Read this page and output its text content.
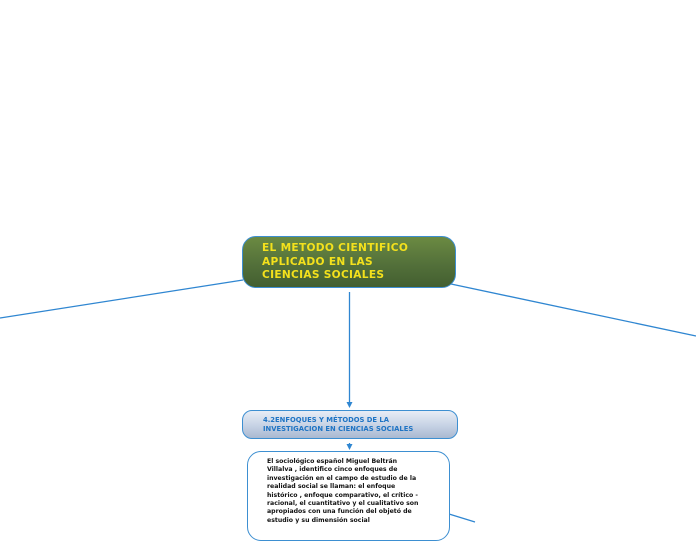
EL METODO CIENTIFICO
APLICADO EN LAS
CIENCIAS SOCIALES
4.2ENFOQUES Y MÉTODOS DE LA
INVESTIGACION EN CIENCIAS SOCIALES
El sociológico español Miguel Beltrán
Villalva , identifico cinco enfoques de
investigación en el campo de estudio de la
realidad social se llaman: el enfoque
histórico , enfoque comparativo, el crítico -
racional, el cuantitativo y el cualitativo son
apropiados con una función del objetó de
estudio y su dimensión social
